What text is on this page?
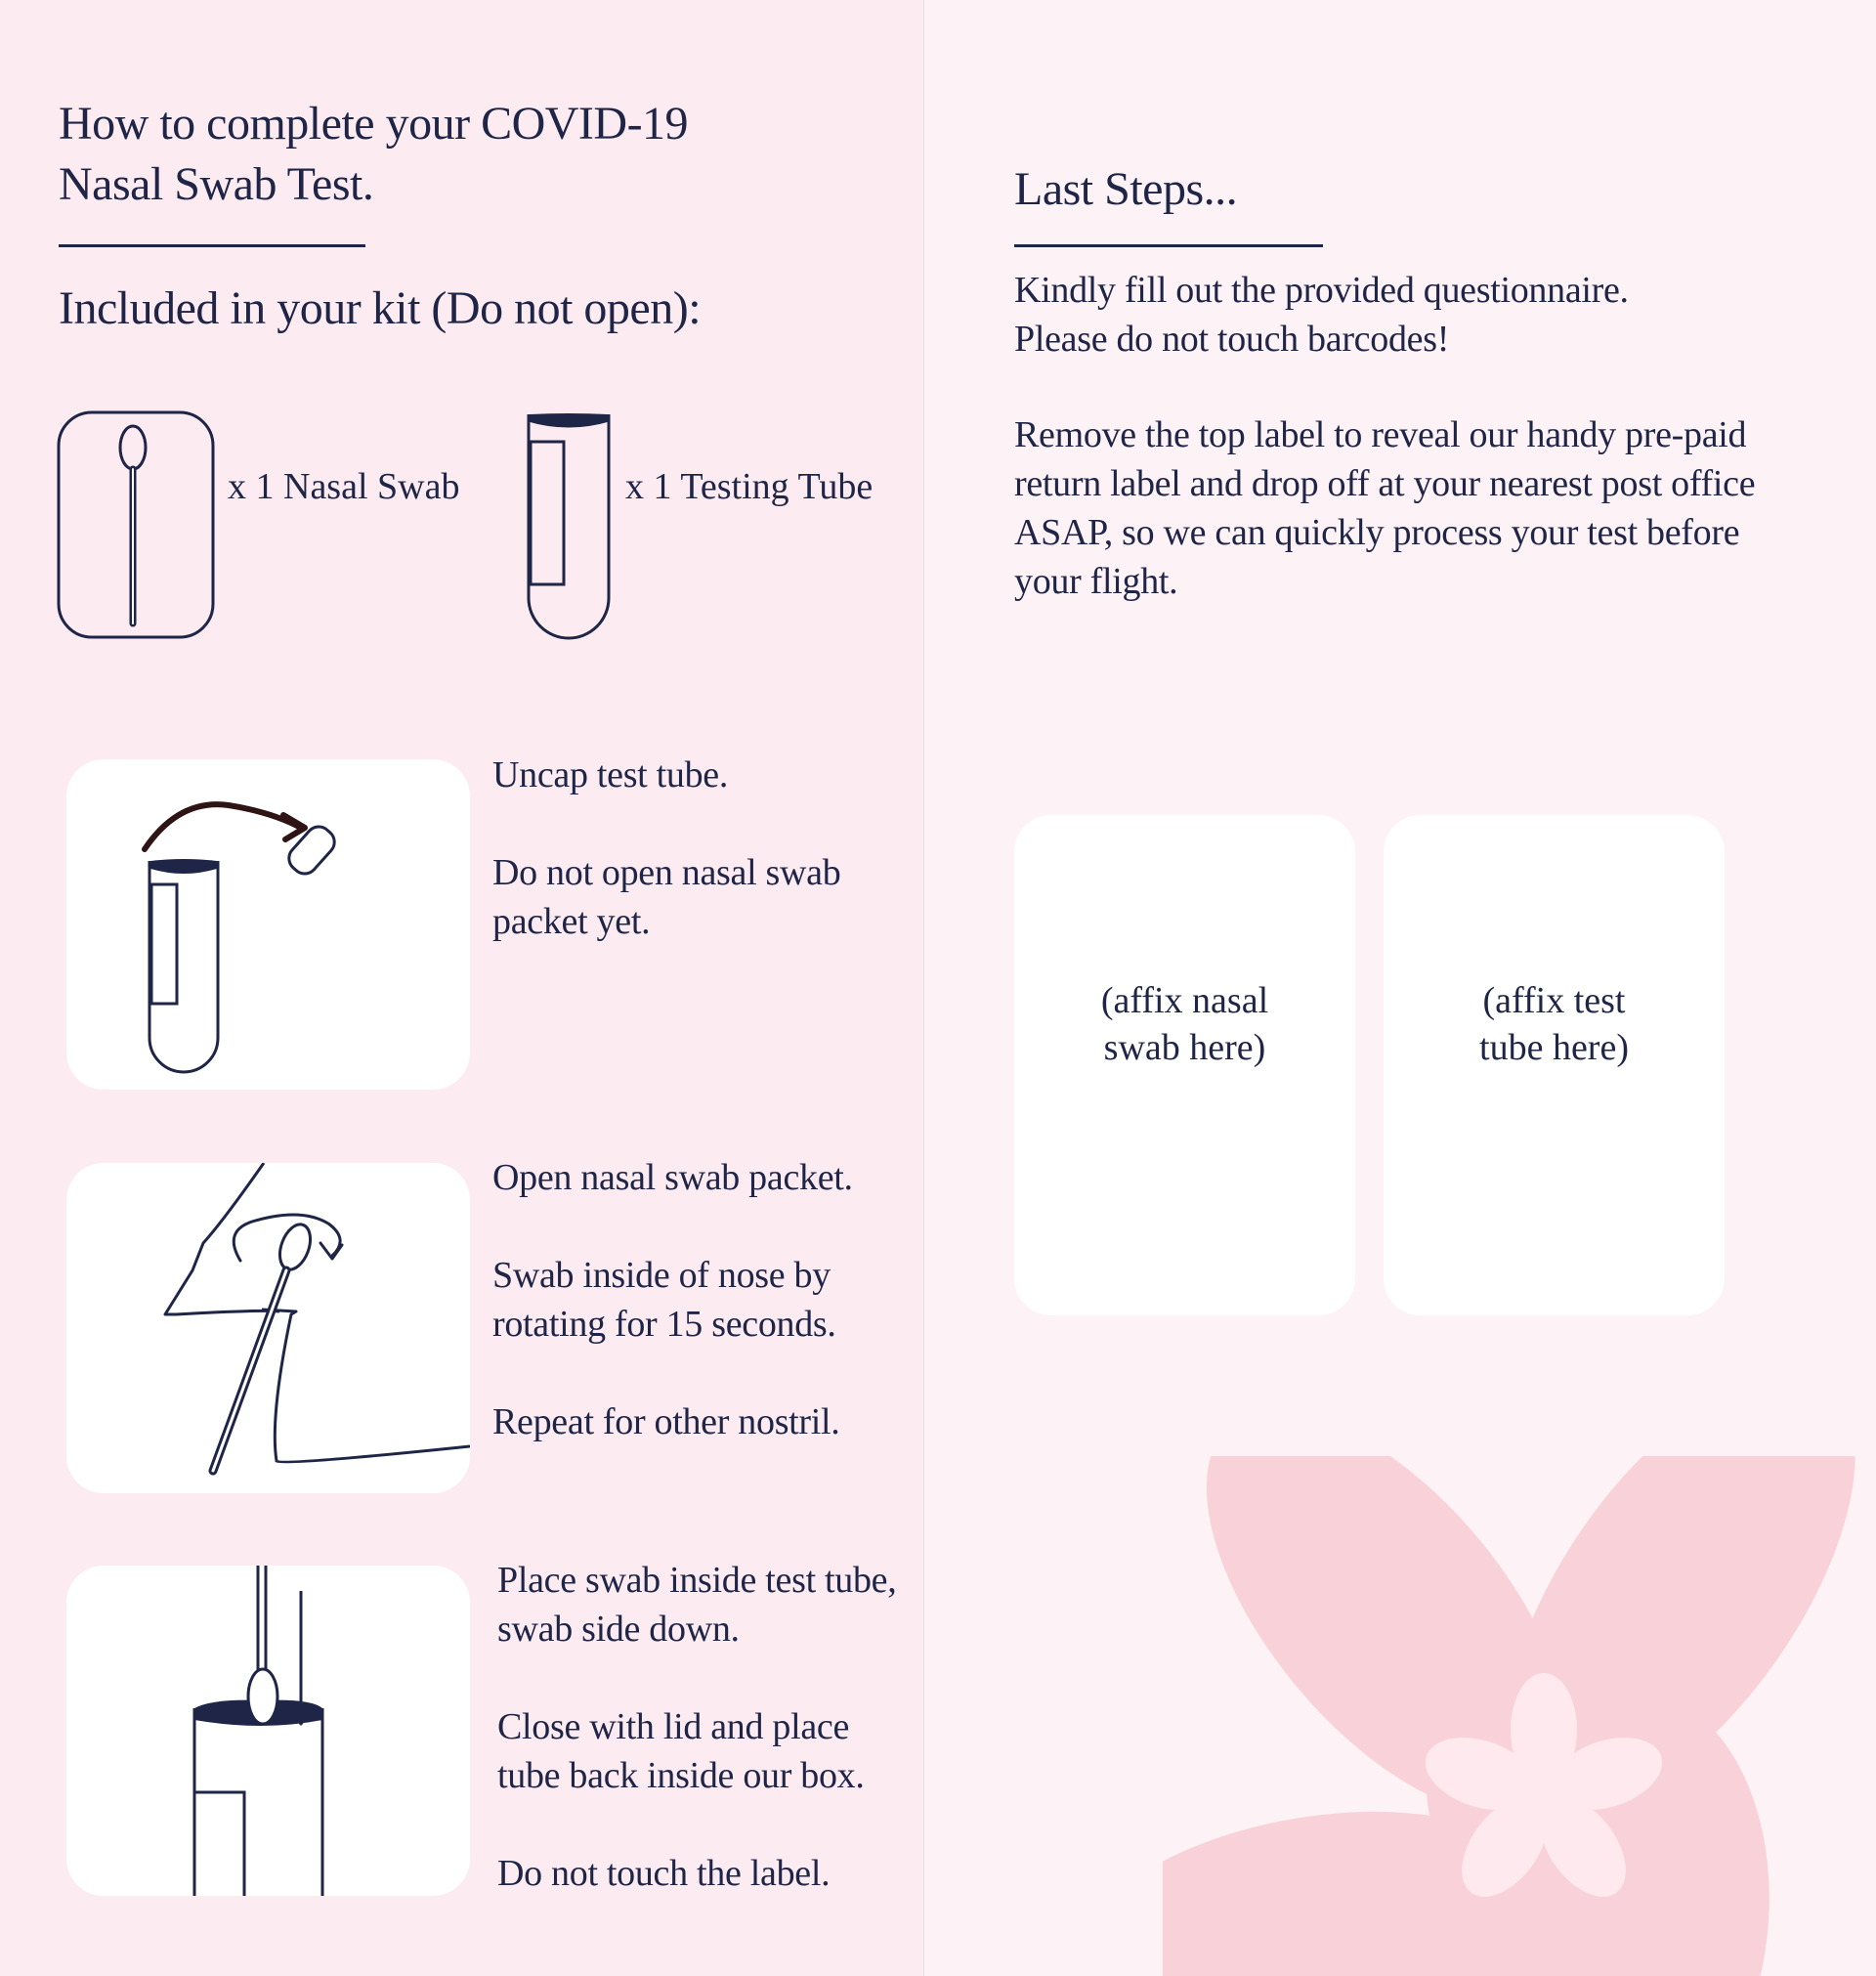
How to complete your COVID-19
Nasal Swab Test.
Included in your kit (Do not open):
x 1 Nasal Swab	x 1 Testing Tube

Uncap test tube.

Do not open nasal swab packet yet.

Open nasal swab packet.

Swab inside of nose by rotating for 15 seconds.

Repeat for other nostril.

Place swab inside test tube, swab side down.

Close with lid and place tube back inside our box.

Do not touch the label.

Last Steps...
Kindly fill out the provided questionnaire. Please do not touch barcodes!
Remove the top label to reveal our handy pre-paid return label and drop off at your nearest post office ASAP, so we can quickly process your test before your flight.
(affix nasal
swab here)
(affix test
tube here)
